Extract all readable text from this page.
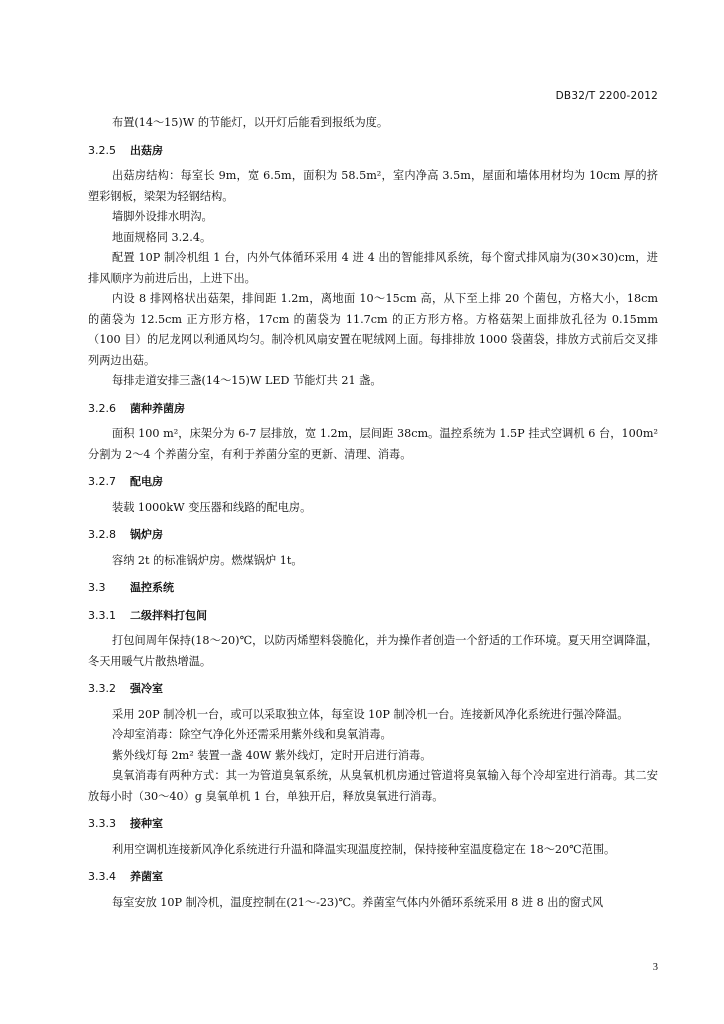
DB32/T 2200-2012

布置(14～15)W 的节能灯，以开灯后能看到报纸为度。

3.2.5 出菇房

出菇房结构：每室长 9m，宽 6.5m，面积为 58.5m²，室内净高 3.5m，屋面和墙体用材均为 10cm 厚的挤塑彩钢板，梁架为轻钢结构。

墙脚外设排水明沟。

地面规格同 3.2.4。

配置 10P 制冷机组 1 台，内外气体循环采用 4 进 4 出的智能排风系统，每个窗式排风扇为(30×30)cm，进排风顺序为前进后出，上进下出。

内设 8 排网格状出菇架，排间距 1.2m，离地面 10～15cm 高，从下至上排 20 个菌包，方格大小，18cm 的菌袋为 12.5cm 正方形方格，17cm 的菌袋为 11.7cm 的正方形方格。方格菇架上面排放孔径为 0.15mm（100 目）的尼龙网以利通风均匀。制冷机风扇安置在呢绒网上面。每排排放 1000 袋菌袋，排放方式前后交叉排列两边出菇。

每排走道安排三盏(14～15)W LED 节能灯共 21 盏。

3.2.6 菌种养菌房

面积 100 m²，床架分为 6-7 层排放，宽 1.2m，层间距 38cm。温控系统为 1.5P 挂式空调机 6 台，100m² 分割为 2～4 个养菌分室，有利于养菌分室的更新、清理、消毒。

3.2.7 配电房

装载 1000kW 变压器和线路的配电房。

3.2.8 锅炉房

容纳 2t 的标准锅炉房。燃煤锅炉 1t。

3.3 温控系统
3.3.1 二级拌料打包间

打包间周年保持(18～20)℃，以防丙烯塑料袋脆化，并为操作者创造一个舒适的工作环境。夏天用空调降温，冬天用暖气片散热增温。

3.3.2 强冷室

采用 20P 制冷机一台，或可以采取独立体，每室设 10P 制冷机一台。连接新风净化系统进行强冷降温。

冷却室消毒：除空气净化外还需采用紫外线和臭氧消毒。

紫外线灯每 2m² 装置一盏 40W 紫外线灯，定时开启进行消毒。

臭氧消毒有两种方式：其一为管道臭氧系统，从臭氧机机房通过管道将臭氧输入每个冷却室进行消毒。其二安放每小时（30～40）g 臭氧单机 1 台，单独开启，释放臭氧进行消毒。

3.3.3 接种室

利用空调机连接新风净化系统进行升温和降温实现温度控制，保持接种室温度稳定在 18～20℃范围。

3.3.4 养菌室

每室安放 10P 制冷机，温度控制在(21～-23)℃。养菌室气体内外循环系统采用 8 进 8 出的窗式风

3
